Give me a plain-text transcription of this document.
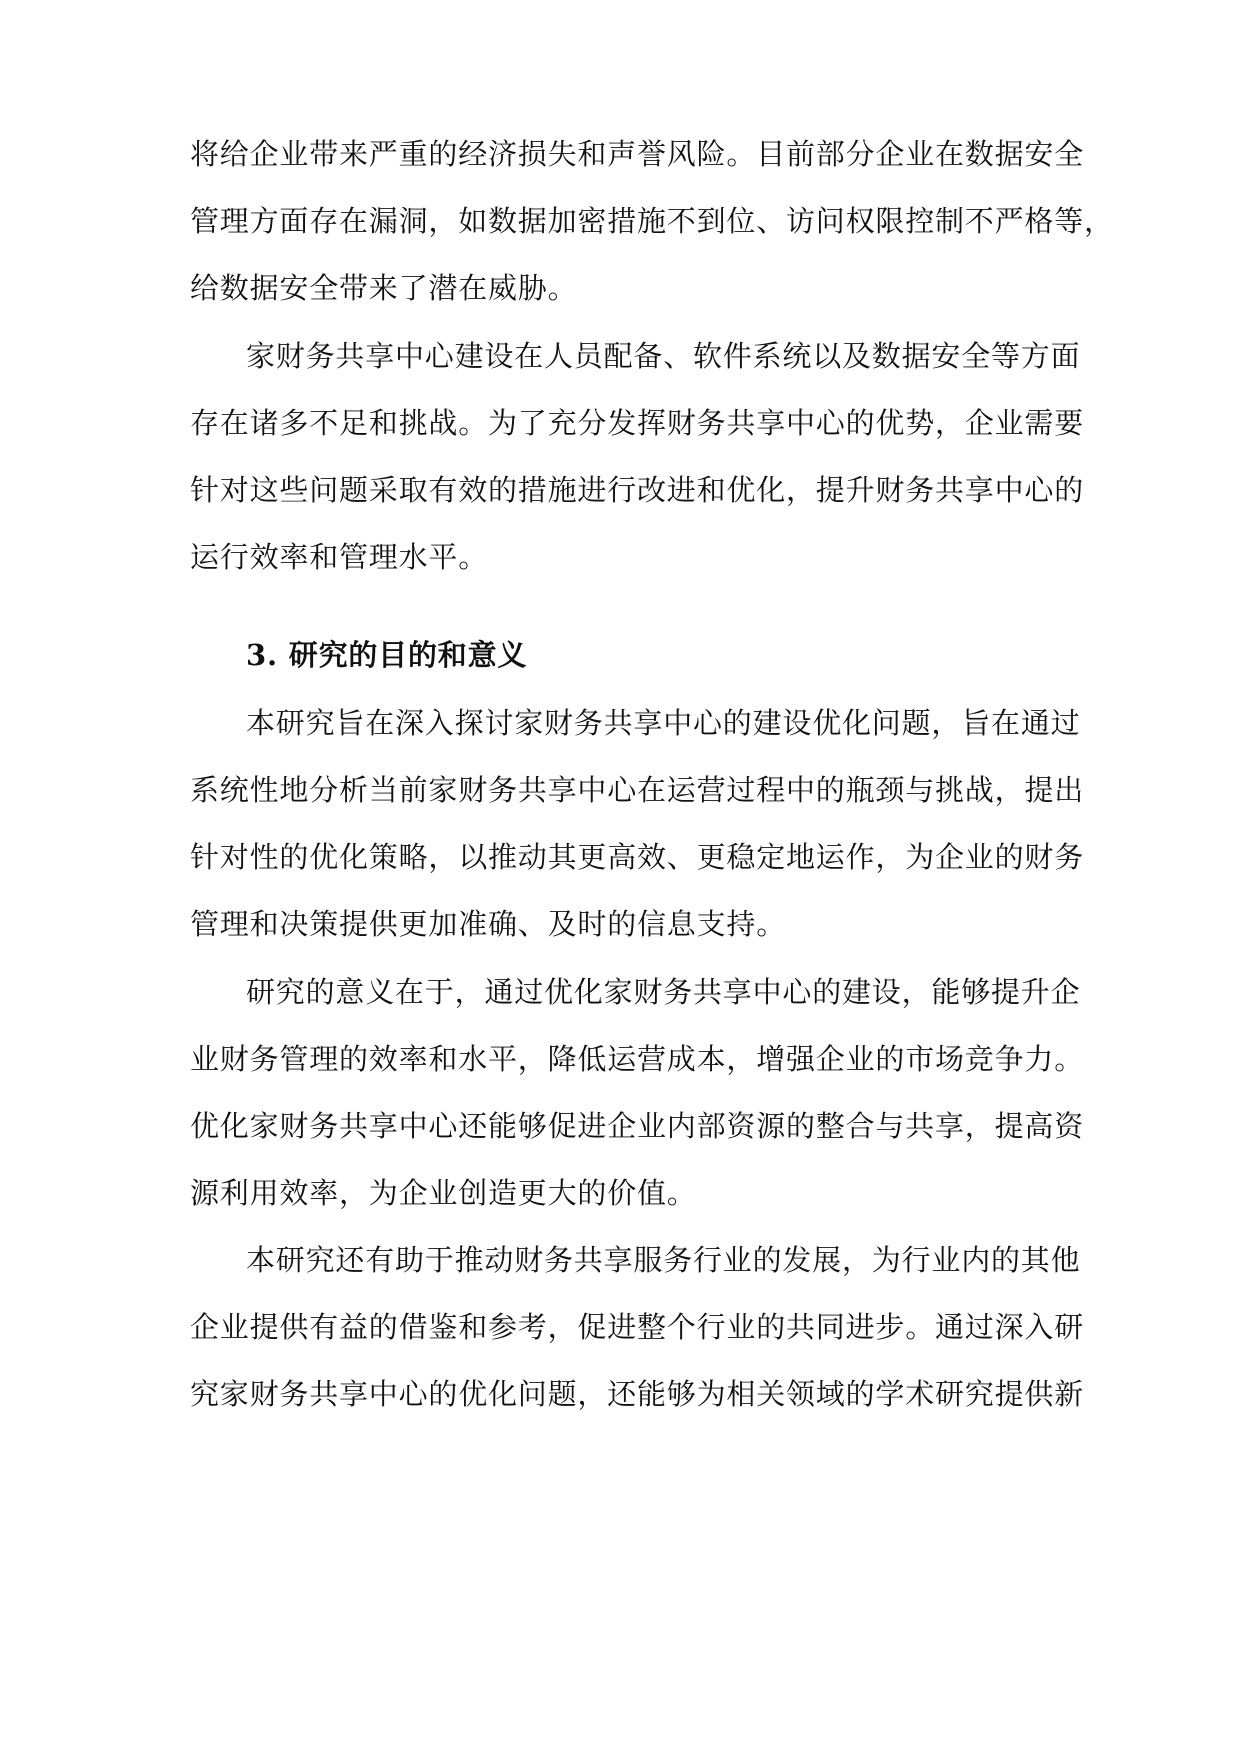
将给企业带来严重的经济损失和声誉风险。目前部分企业在数据安全
管理方面存在漏洞，如数据加密措施不到位、访问权限控制不严格等，
给数据安全带来了潜在威胁。
家财务共享中心建设在人员配备、软件系统以及数据安全等方面
存在诸多不足和挑战。为了充分发挥财务共享中心的优势，企业需要
针对这些问题采取有效的措施进行改进和优化，提升财务共享中心的
运行效率和管理水平。
3. 研究的目的和意义
本研究旨在深入探讨家财务共享中心的建设优化问题，旨在通过
系统性地分析当前家财务共享中心在运营过程中的瓶颈与挑战，提出
针对性的优化策略，以推动其更高效、更稳定地运作，为企业的财务
管理和决策提供更加准确、及时的信息支持。
研究的意义在于，通过优化家财务共享中心的建设，能够提升企
业财务管理的效率和水平，降低运营成本，增强企业的市场竞争力。
优化家财务共享中心还能够促进企业内部资源的整合与共享，提高资
源利用效率，为企业创造更大的价值。
本研究还有助于推动财务共享服务行业的发展，为行业内的其他
企业提供有益的借鉴和参考，促进整个行业的共同进步。通过深入研
究家财务共享中心的优化问题，还能够为相关领域的学术研究提供新
